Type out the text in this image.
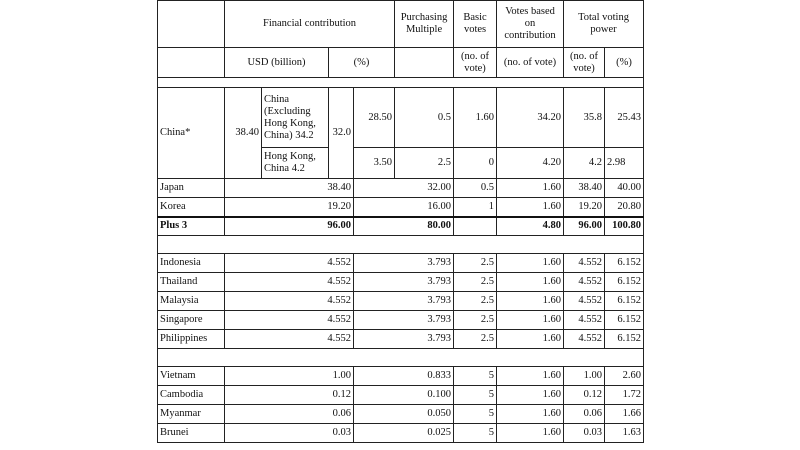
	Financial contribution				Purchasing Multiple	Basic votes	Votes based on contribution	Total voting power		
	USD (billion)		(%)			(no. of vote)	(no. of vote)	(no. of vote)	(%)	

China*	38.40	China (Excluding Hong Kong, China) 34.2	32.0	28.50	0.5	1.60	34.20	35.8	25.43	
		Hong Kong, China 4.2		3.50	2.5	0	4.20	4.2	2.98	
Japan	38.40			32.00		0.5	1.60	38.40	40.00	
Korea	19.20			16.00		1	1.60	19.20	20.80	
Plus 3	96.00			80.00			4.80	96.00	100.80	

Indonesia	4.552			3.793		2.5	1.60	4.552	6.152	
Thailand	4.552			3.793		2.5	1.60	4.552	6.152	
Malaysia	4.552			3.793		2.5	1.60	4.552	6.152	
Singapore	4.552			3.793		2.5	1.60	4.552	6.152	
Philippines	4.552			3.793		2.5	1.60	4.552	6.152	

Vietnam	1.00			0.833		5	1.60	1.00	2.60	
Cambodia	0.12			0.100		5	1.60	0.12	1.72	
Myanmar	0.06			0.050		5	1.60	0.06	1.66	
Brunei	0.03			0.025		5	1.60	0.03	1.63	
